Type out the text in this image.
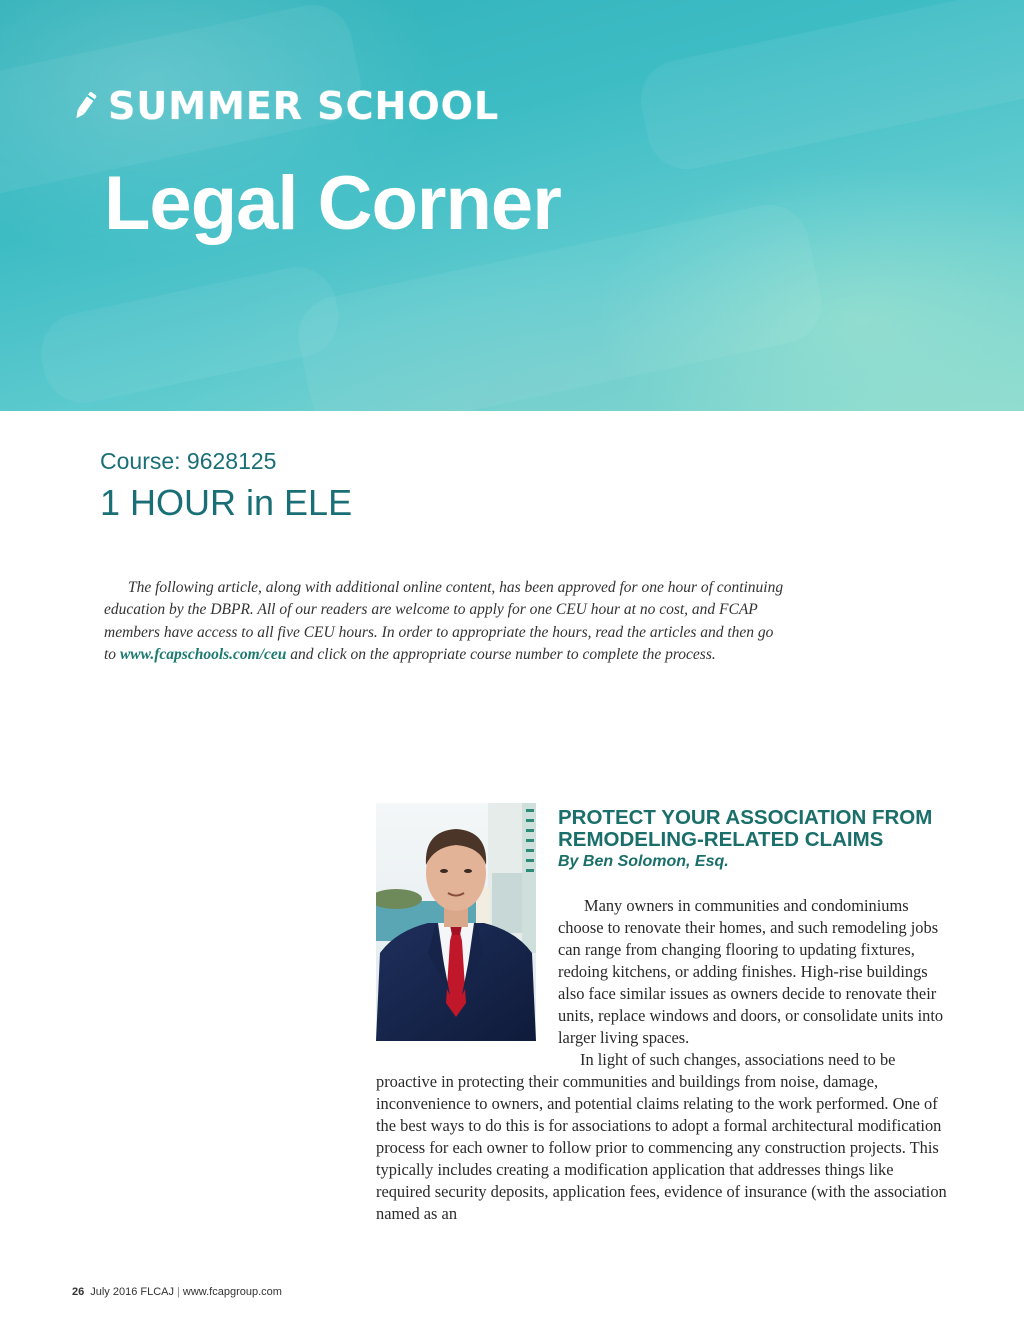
SUMMER SCHOOL
Legal Corner
Course: 9628125
1 HOUR in ELE

The following article, along with additional online content, has been approved for one hour of continuing education by the DBPR. All of our readers are welcome to apply for one CEU hour at no cost, and FCAP members have access to all five CEU hours. In order to appropriate the hours, read the articles and then go to www.fcapschools.com/ceu and click on the appropriate course number to complete the process.

PROTECT YOUR ASSOCIATION FROM
REMODELING-RELATED CLAIMS

By Ben Solomon, Esq.

Many owners in communities and condominiums choose to renovate their homes, and such remodeling jobs can range from changing flooring to updating fixtures, redoing kitchens, or adding finishes. High-rise buildings also face similar issues as owners decide to renovate their units, replace windows and doors, or consolidate units into larger living spaces.

In light of such changes, associations need to be proactive in protecting their communities and buildings from noise, damage, inconvenience to owners, and potential claims relating to the work performed. One of the best ways to do this is for associations to adopt a formal architectural modification process for each owner to follow prior to commencing any construction projects. This typically includes creating a modification application that addresses things like required security deposits, application fees, evidence of insurance (with the association named as an

26 July 2016 FLCAJ | www.fcapgroup.com
